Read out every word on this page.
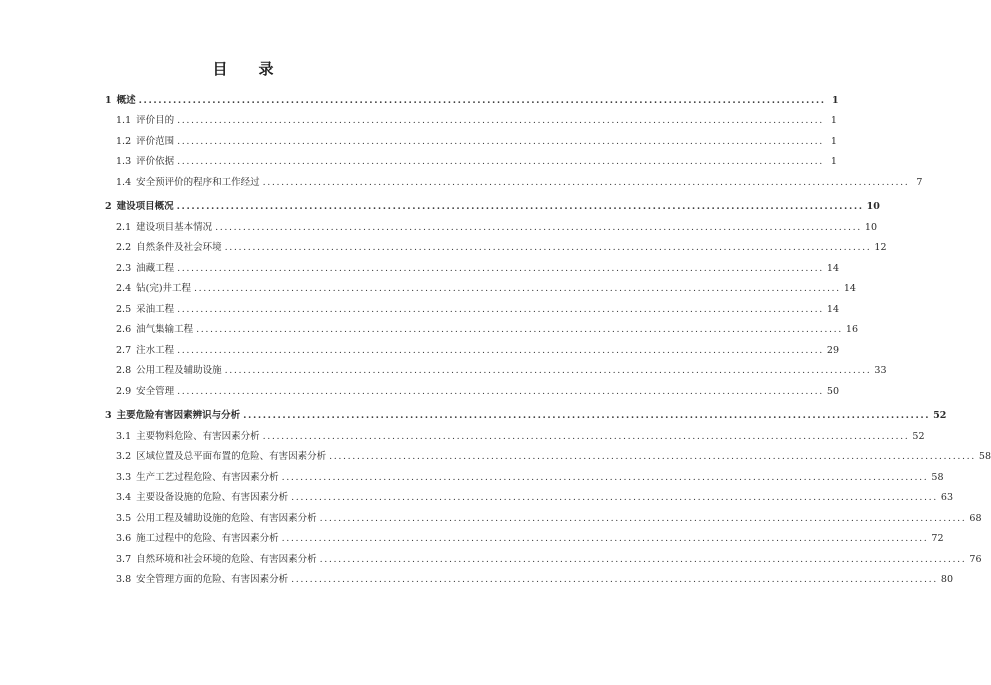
目　录
1 概述 ............................................................................................................................................ 1
1.1 评价目的 ............................................................................................................................................ 1
1.2 评价范围 ............................................................................................................................................ 1
1.3 评价依据 ............................................................................................................................................ 1
1.4 安全预评价的程序和工作经过 ............................................................................................................................................ 7
2 建设项目概况 ............................................................................................................................................ 10
2.1 建设项目基本情况 ............................................................................................................................................ 10
2.2 自然条件及社会环境 ............................................................................................................................................ 12
2.3 油藏工程 ............................................................................................................................................ 14
2.4 钻(完)井工程 ............................................................................................................................................ 14
2.5 采油工程 ............................................................................................................................................ 14
2.6 油气集输工程 ............................................................................................................................................ 16
2.7 注水工程 ............................................................................................................................................ 29
2.8 公用工程及辅助设施 ............................................................................................................................................ 33
2.9 安全管理 ............................................................................................................................................ 50
3 主要危险有害因素辨识与分析 ............................................................................................................................................ 52
3.1 主要物料危险、有害因素分析 ............................................................................................................................................ 52
3.2 区域位置及总平面布置的危险、有害因素分析 ............................................................................................................................................ 58
3.3 生产工艺过程危险、有害因素分析 ............................................................................................................................................ 58
3.4 主要设备设施的危险、有害因素分析 ............................................................................................................................................ 63
3.5 公用工程及辅助设施的危险、有害因素分析 ............................................................................................................................................ 68
3.6 施工过程中的危险、有害因素分析 ............................................................................................................................................ 72
3.7 自然环境和社会环境的危险、有害因素分析 ............................................................................................................................................ 76
3.8 安全管理方面的危险、有害因素分析 ............................................................................................................................................ 80
